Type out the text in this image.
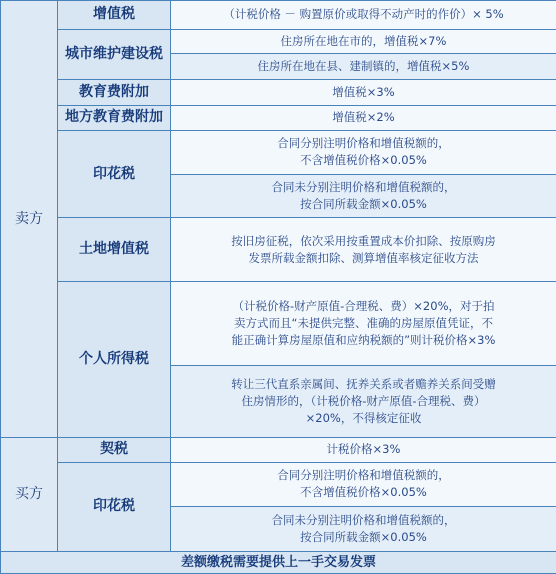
卖方	增值税	（计税价格 － 购置原价或取得不动产时的作价）× 5%
	城市维护建设税	住房所在地在市的，增值税×7%
		住房所在地在县、建制镇的，增值税×5%
	教育费附加	增值税×3%
	地方教育费附加	增值税×2%
	印花税	合同分别注明价格和增值税额的，
不含增值税价格×0.05%
		合同未分别注明价格和增值税额的，
按合同所载金额×0.05%
	土地增值税	按旧房征税，依次采用按重置成本价扣除、按原购房
发票所载金额扣除、测算增值率核定征收方法
	个人所得税	（计税价格-财产原值-合理税、费）×20%，对于拍
卖方式而且“未提供完整、准确的房屋原值凭证，不
能正确计算房屋原值和应纳税额的”则计税价格×3%
		转让三代直系亲属间、抚养关系或者赡养关系间受赠
住房情形的，（计税价格-财产原值-合理税、费）
×20%，不得核定征收
买方	契税	计税价格×3%
	印花税	合同分别注明价格和增值税额的，
不含增值税价格×0.05%
		合同未分别注明价格和增值税额的，
按合同所载金额×0.05%
差额缴税需要提供上一手交易发票		
